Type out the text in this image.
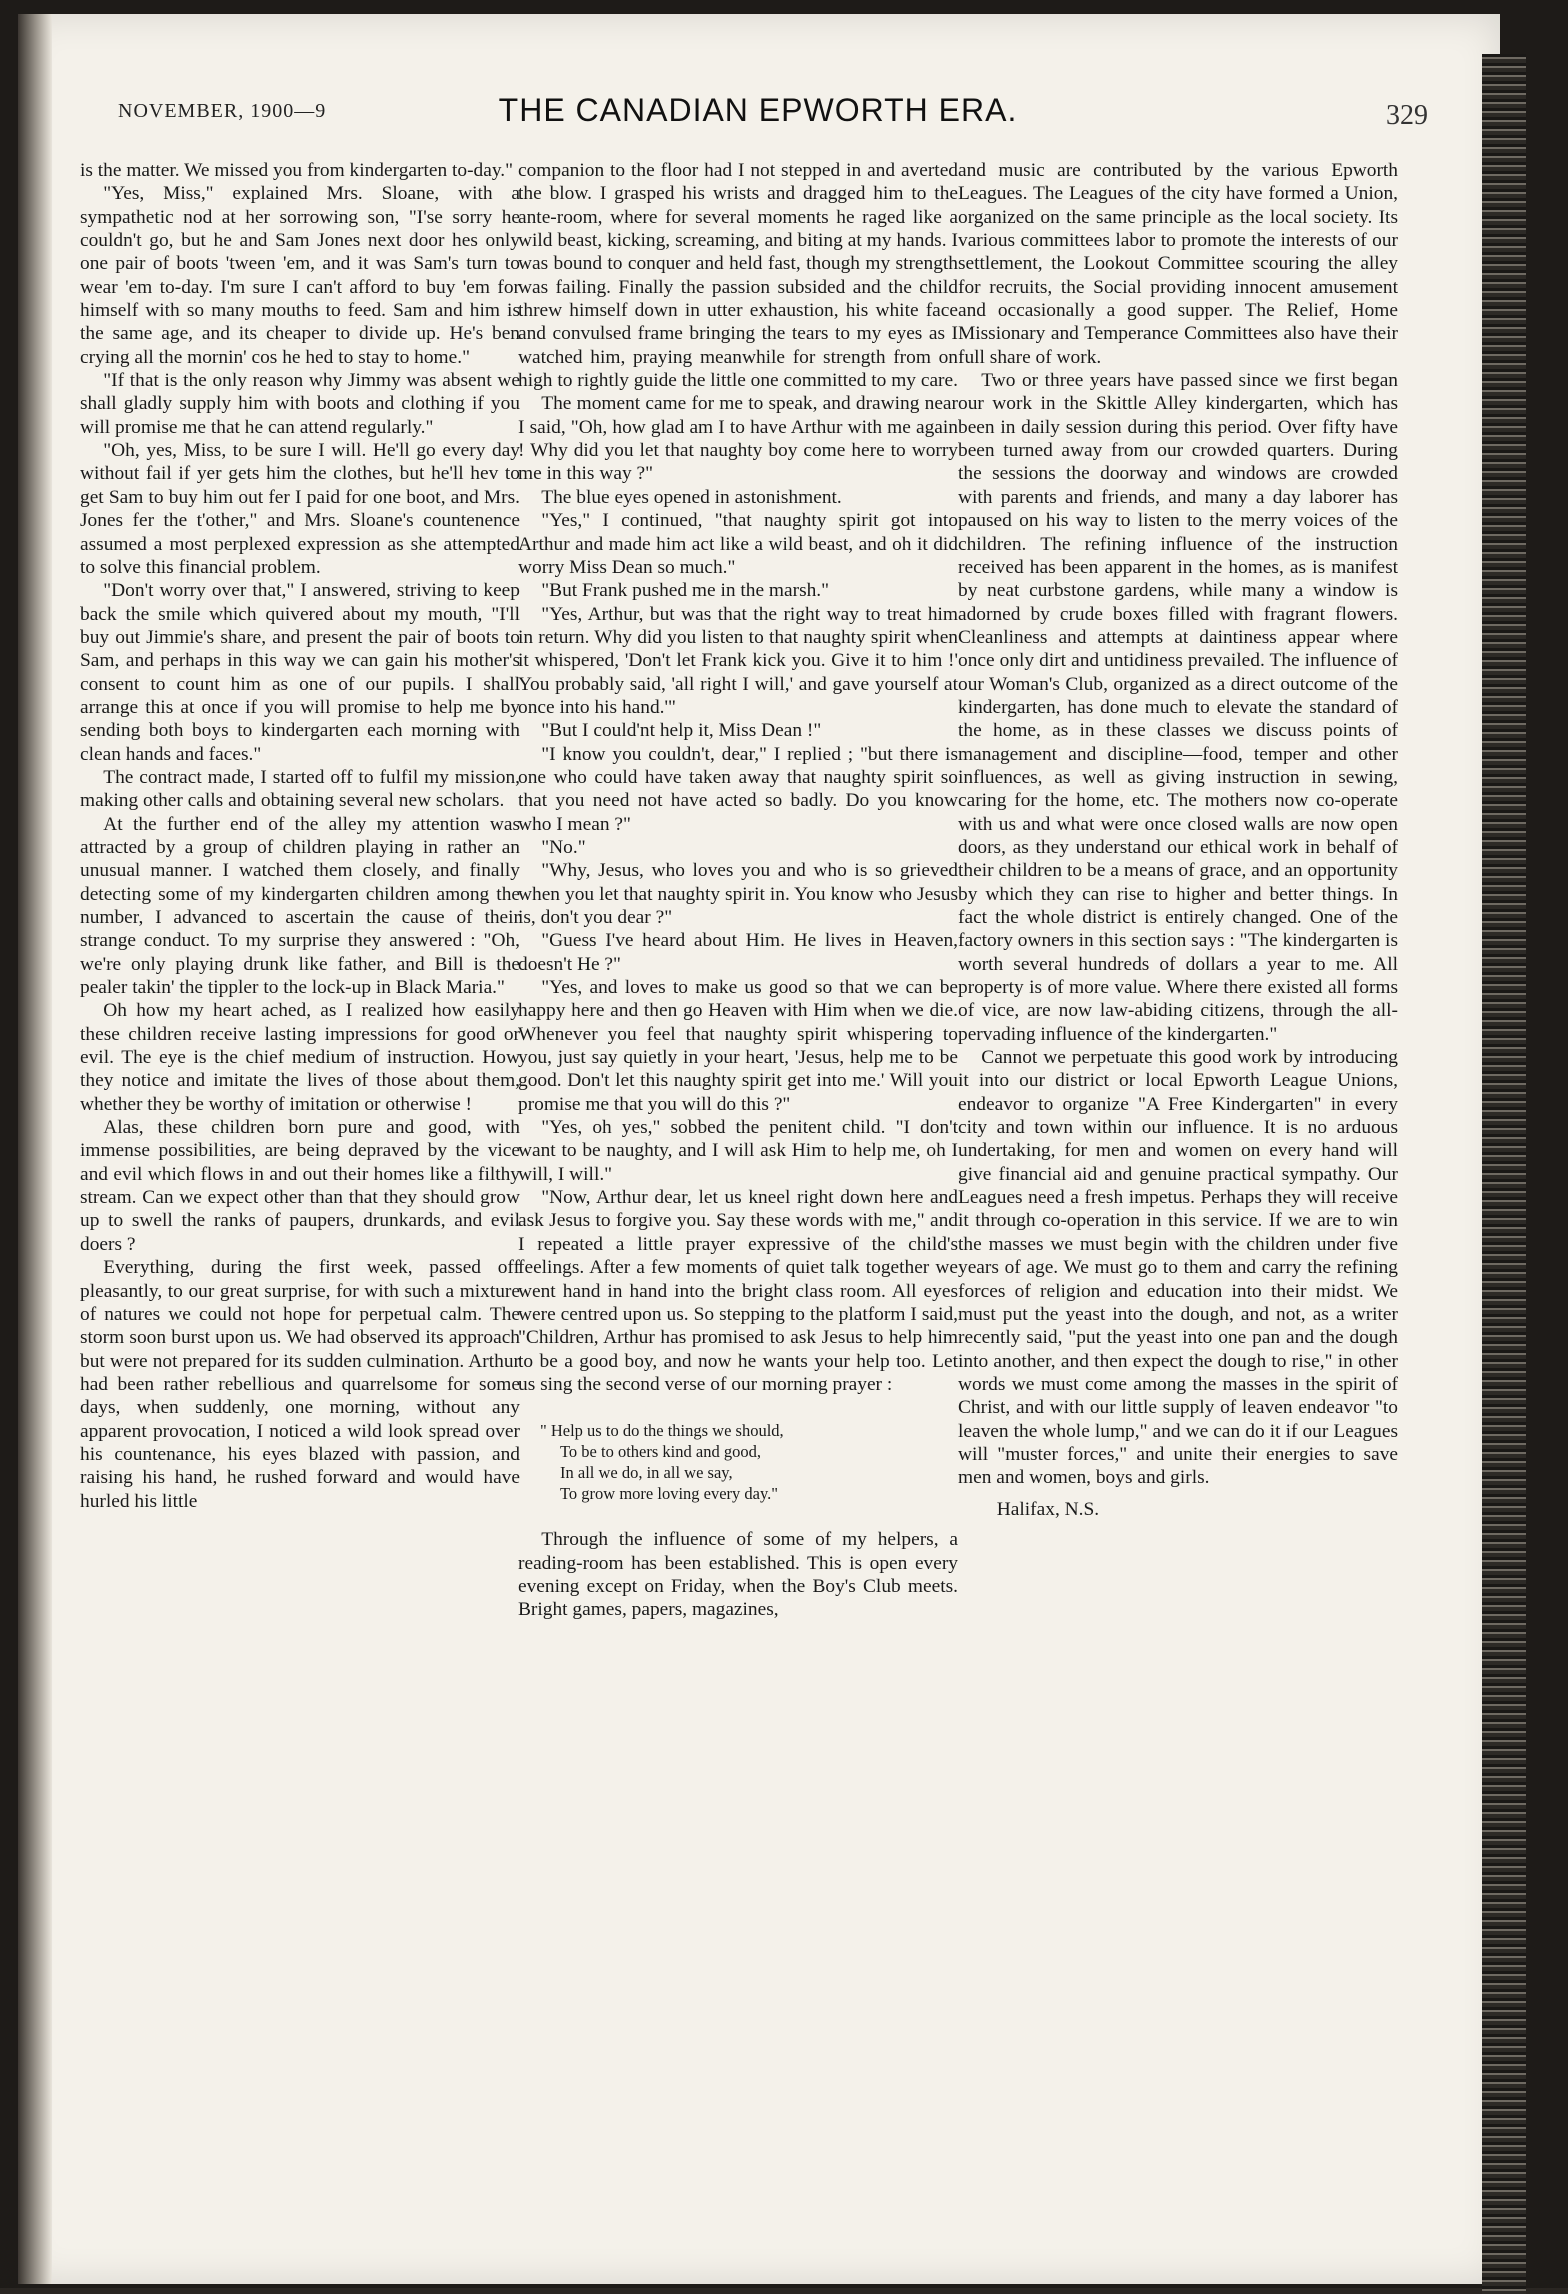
NOVEMBER, 1900—9	THE CANADIAN EPWORTH ERA.	329

is the matter. We missed you from kindergarten to-day."

"Yes, Miss," explained Mrs. Sloane, with a sympathetic nod at her sorrowing son, "I'se sorry he couldn't go, but he and Sam Jones next door hes only one pair of boots 'tween 'em, and it was Sam's turn to wear 'em to-day. I'm sure I can't afford to buy 'em for himself with so many mouths to feed. Sam and him is the same age, and its cheaper to divide up. He's ben crying all the mornin' cos he hed to stay to home."

"If that is the only reason why Jimmy was absent we shall gladly supply him with boots and clothing if you will promise me that he can attend regularly."

"Oh, yes, Miss, to be sure I will. He'll go every day without fail if yer gets him the clothes, but he'll hev to get Sam to buy him out fer I paid for one boot, and Mrs. Jones fer the t'other," and Mrs. Sloane's countenence assumed a most perplexed expression as she attempted to solve this financial problem.

"Don't worry over that," I answered, striving to keep back the smile which quivered about my mouth, "I'll buy out Jimmie's share, and present the pair of boots to Sam, and perhaps in this way we can gain his mother's consent to count him as one of our pupils. I shall arrange this at once if you will promise to help me by sending both boys to kindergarten each morning with clean hands and faces."

The contract made, I started off to fulfil my mission, making other calls and obtaining several new scholars.

At the further end of the alley my attention was attracted by a group of children playing in rather an unusual manner. I watched them closely, and finally detecting some of my kindergarten children among the number, I advanced to ascertain the cause of their strange conduct. To my surprise they answered : "Oh, we're only playing drunk like father, and Bill is the pealer takin' the tippler to the lock-up in Black Maria."

Oh how my heart ached, as I realized how easily these children receive lasting impressions for good or evil. The eye is the chief medium of instruction. How they notice and imitate the lives of those about them, whether they be worthy of imitation or otherwise !

Alas, these children born pure and good, with immense possibilities, are being depraved by the vice and evil which flows in and out their homes like a filthy stream. Can we expect other than that they should grow up to swell the ranks of paupers, drunkards, and evil doers ?

Everything, during the first week, passed off pleasantly, to our great surprise, for with such a mixture of natures we could not hope for perpetual calm. The storm soon burst upon us. We had observed its approach but were not prepared for its sudden culmination. Arthur had been rather rebellious and quarrelsome for some days, when suddenly, one morning, without any apparent provocation, I noticed a wild look spread over his countenance, his eyes blazed with passion, and raising his hand, he rushed forward and would have hurled his little

companion to the floor had I not stepped in and averted the blow. I grasped his wrists and dragged him to the ante-room, where for several moments he raged like a wild beast, kicking, screaming, and biting at my hands. I was bound to conquer and held fast, though my strength was failing. Finally the passion subsided and the child threw himself down in utter exhaustion, his white face and convulsed frame bringing the tears to my eyes as I watched him, praying meanwhile for strength from on high to rightly guide the little one committed to my care.

The moment came for me to speak, and drawing near I said, "Oh, how glad am I to have Arthur with me again ! Why did you let that naughty boy come here to worry me in this way ?"

The blue eyes opened in astonishment.

"Yes," I continued, "that naughty spirit got into Arthur and made him act like a wild beast, and oh it did worry Miss Dean so much."

"But Frank pushed me in the marsh."

"Yes, Arthur, but was that the right way to treat him in return. Why did you listen to that naughty spirit when it whispered, 'Don't let Frank kick you. Give it to him !' You probably said, 'all right I will,' and gave yourself at once into his hand.'"

"But I could'nt help it, Miss Dean !"

"I know you couldn't, dear," I replied ; "but there is one who could have taken away that naughty spirit so that you need not have acted so badly. Do you know who I mean ?"

"No."

"Why, Jesus, who loves you and who is so grieved when you let that naughty spirit in. You know who Jesus is, don't you dear ?"

"Guess I've heard about Him. He lives in Heaven, doesn't He ?"

"Yes, and loves to make us good so that we can be happy here and then go Heaven with Him when we die. Whenever you feel that naughty spirit whispering to you, just say quietly in your heart, 'Jesus, help me to be good. Don't let this naughty spirit get into me.' Will you promise me that you will do this ?"

"Yes, oh yes," sobbed the penitent child. "I don't want to be naughty, and I will ask Him to help me, oh I will, I will."

"Now, Arthur dear, let us kneel right down here and ask Jesus to forgive you. Say these words with me," and I repeated a little prayer expressive of the child's feelings. After a few moments of quiet talk together we went hand in hand into the bright class room. All eyes were centred upon us. So stepping to the platform I said, "Children, Arthur has promised to ask Jesus to help him to be a good boy, and now he wants your help too. Let us sing the second verse of our morning prayer :

" Help us to do the things we should,
To be to others kind and good,
In all we do, in all we say,
To grow more loving every day."

Through the influence of some of my helpers, a reading-room has been established. This is open every evening except on Friday, when the Boy's Club meets. Bright games, papers, magazines,

and music are contributed by the various Epworth Leagues. The Leagues of the city have formed a Union, organized on the same principle as the local society. Its various committees labor to promote the interests of our settlement, the Lookout Committee scouring the alley for recruits, the Social providing innocent amusement and occasionally a good supper. The Relief, Home Missionary and Temperance Committees also have their full share of work.

Two or three years have passed since we first began our work in the Skittle Alley kindergarten, which has been in daily session during this period. Over fifty have been turned away from our crowded quarters. During the sessions the doorway and windows are crowded with parents and friends, and many a day laborer has paused on his way to listen to the merry voices of the children. The refining influence of the instruction received has been apparent in the homes, as is manifest by neat curbstone gardens, while many a window is adorned by crude boxes filled with fragrant flowers. Cleanliness and attempts at daintiness appear where once only dirt and untidiness prevailed. The influence of our Woman's Club, organized as a direct outcome of the kindergarten, has done much to elevate the standard of the home, as in these classes we discuss points of management and discipline—food, temper and other influences, as well as giving instruction in sewing, caring for the home, etc. The mothers now co-operate with us and what were once closed walls are now open doors, as they understand our ethical work in behalf of their children to be a means of grace, and an opportunity by which they can rise to higher and better things. In fact the whole district is entirely changed. One of the factory owners in this section says : "The kindergarten is worth several hundreds of dollars a year to me. All property is of more value. Where there existed all forms of vice, are now law-abiding citizens, through the all-pervading influence of the kindergarten."

Cannot we perpetuate this good work by introducing it into our district or local Epworth League Unions, endeavor to organize "A Free Kindergarten" in every city and town within our influence. It is no arduous undertaking, for men and women on every hand will give financial aid and genuine practical sympathy. Our Leagues need a fresh impetus. Perhaps they will receive it through co-operation in this service. If we are to win the masses we must begin with the children under five years of age. We must go to them and carry the refining forces of religion and education into their midst. We must put the yeast into the dough, and not, as a writer recently said, "put the yeast into one pan and the dough into another, and then expect the dough to rise," in other words we must come among the masses in the spirit of Christ, and with our little supply of leaven endeavor "to leaven the whole lump," and we can do it if our Leagues will "muster forces," and unite their energies to save men and women, boys and girls.

Halifax, N.S.
